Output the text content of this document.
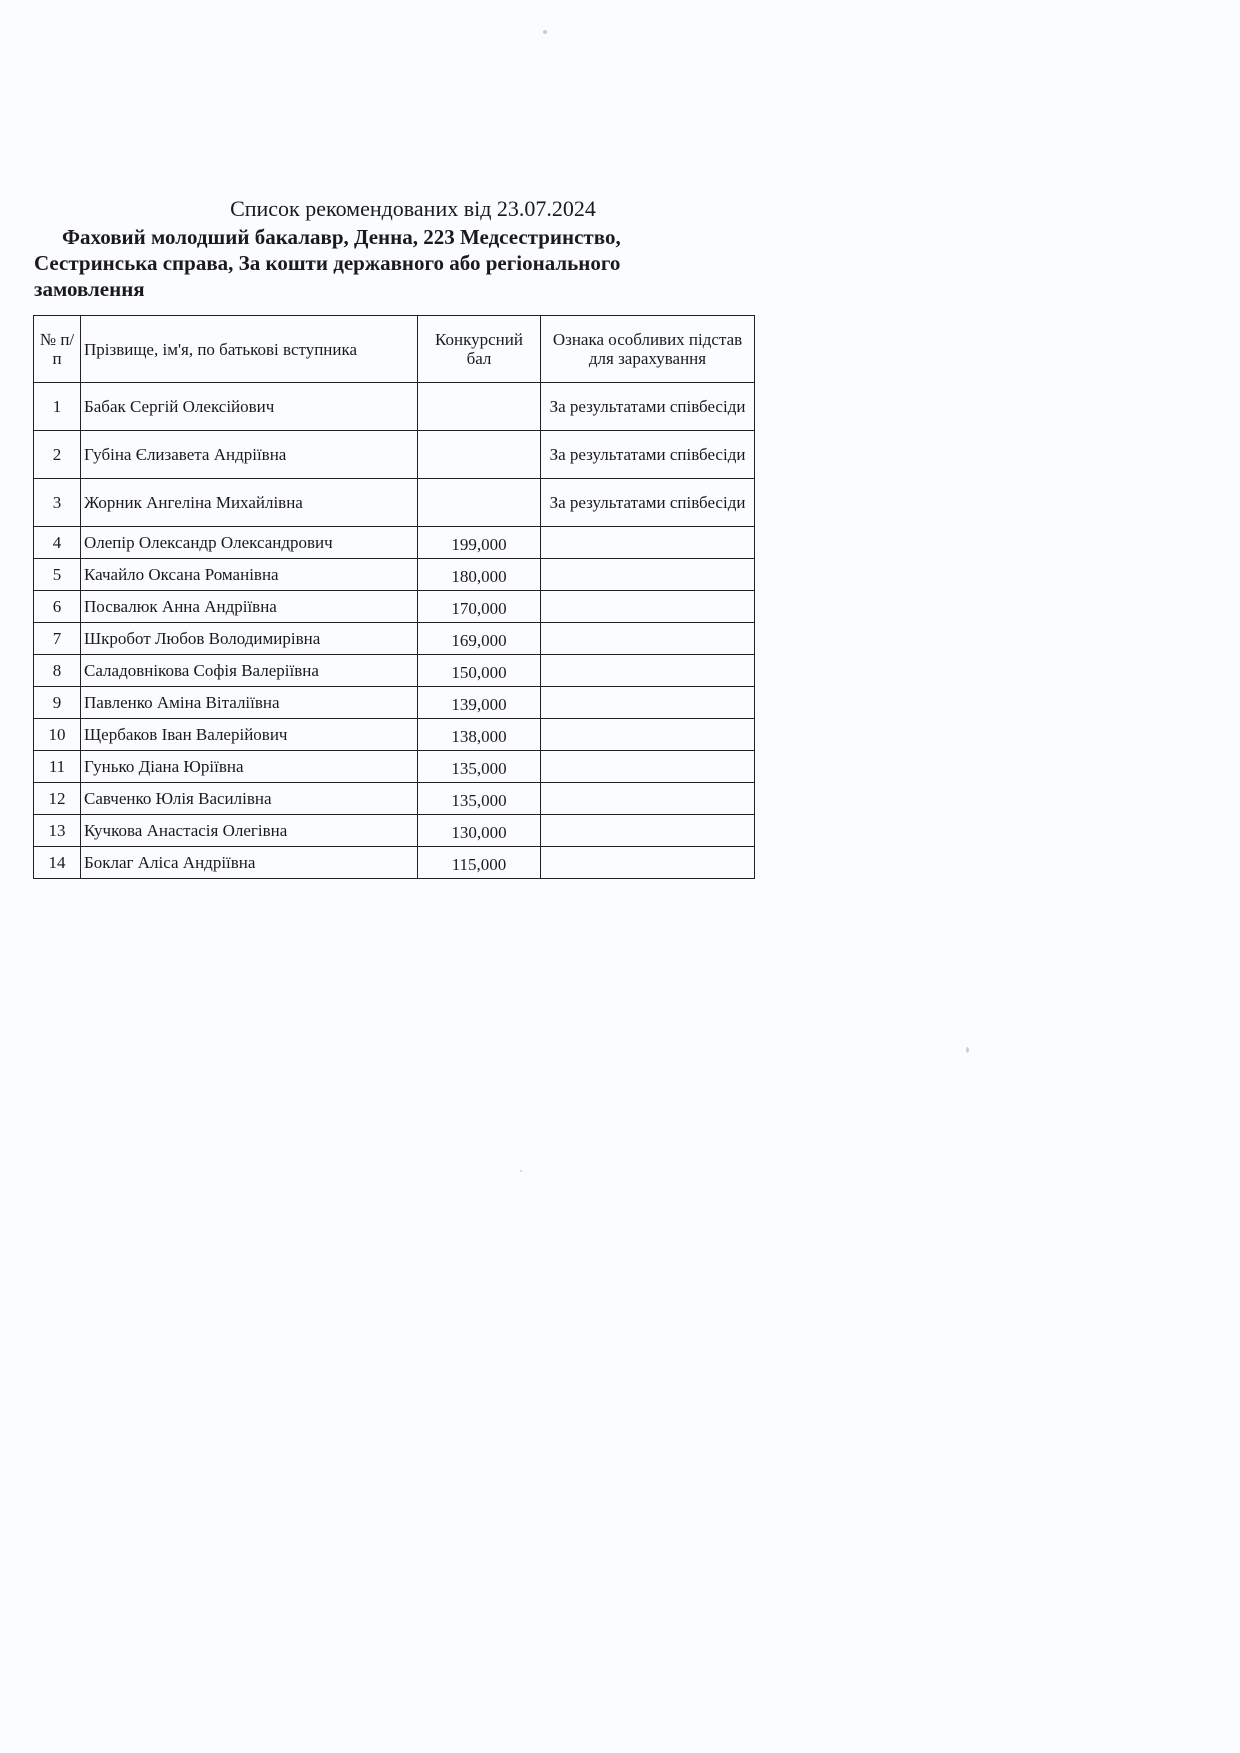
Список рекомендованих від 23.07.2024
Фаховий молодший бакалавр, Денна, 223 Медсестринство,
Сестринська справа, За кошти державного або регіонального
замовлення
№ п/п	Прізвище, ім'я, по батькові вступника	Конкурсний бал	Ознака особливих підстав для зарахування
1	Бабак Сергій Олексійович		За результатами співбесіди
2	Губіна Єлизавета Андріївна		За результатами співбесіди
3	Жорник Ангеліна Михайлівна		За результатами співбесіди
4	Олепір Олександр Олександрович	199,000	
5	Качайло Оксана Романівна	180,000	
6	Посвалюк Анна Андріївна	170,000	
7	Шкробот Любов Володимирівна	169,000	
8	Саладовнікова Софія Валеріївна	150,000	
9	Павленко Аміна Віталіївна	139,000	
10	Щербаков Іван Валерійович	138,000	
11	Гунько Діана Юріївна	135,000	
12	Савченко Юлія Василівна	135,000	
13	Кучкова Анастасія Олегівна	130,000	
14	Боклаг Аліса Андріївна	115,000	
